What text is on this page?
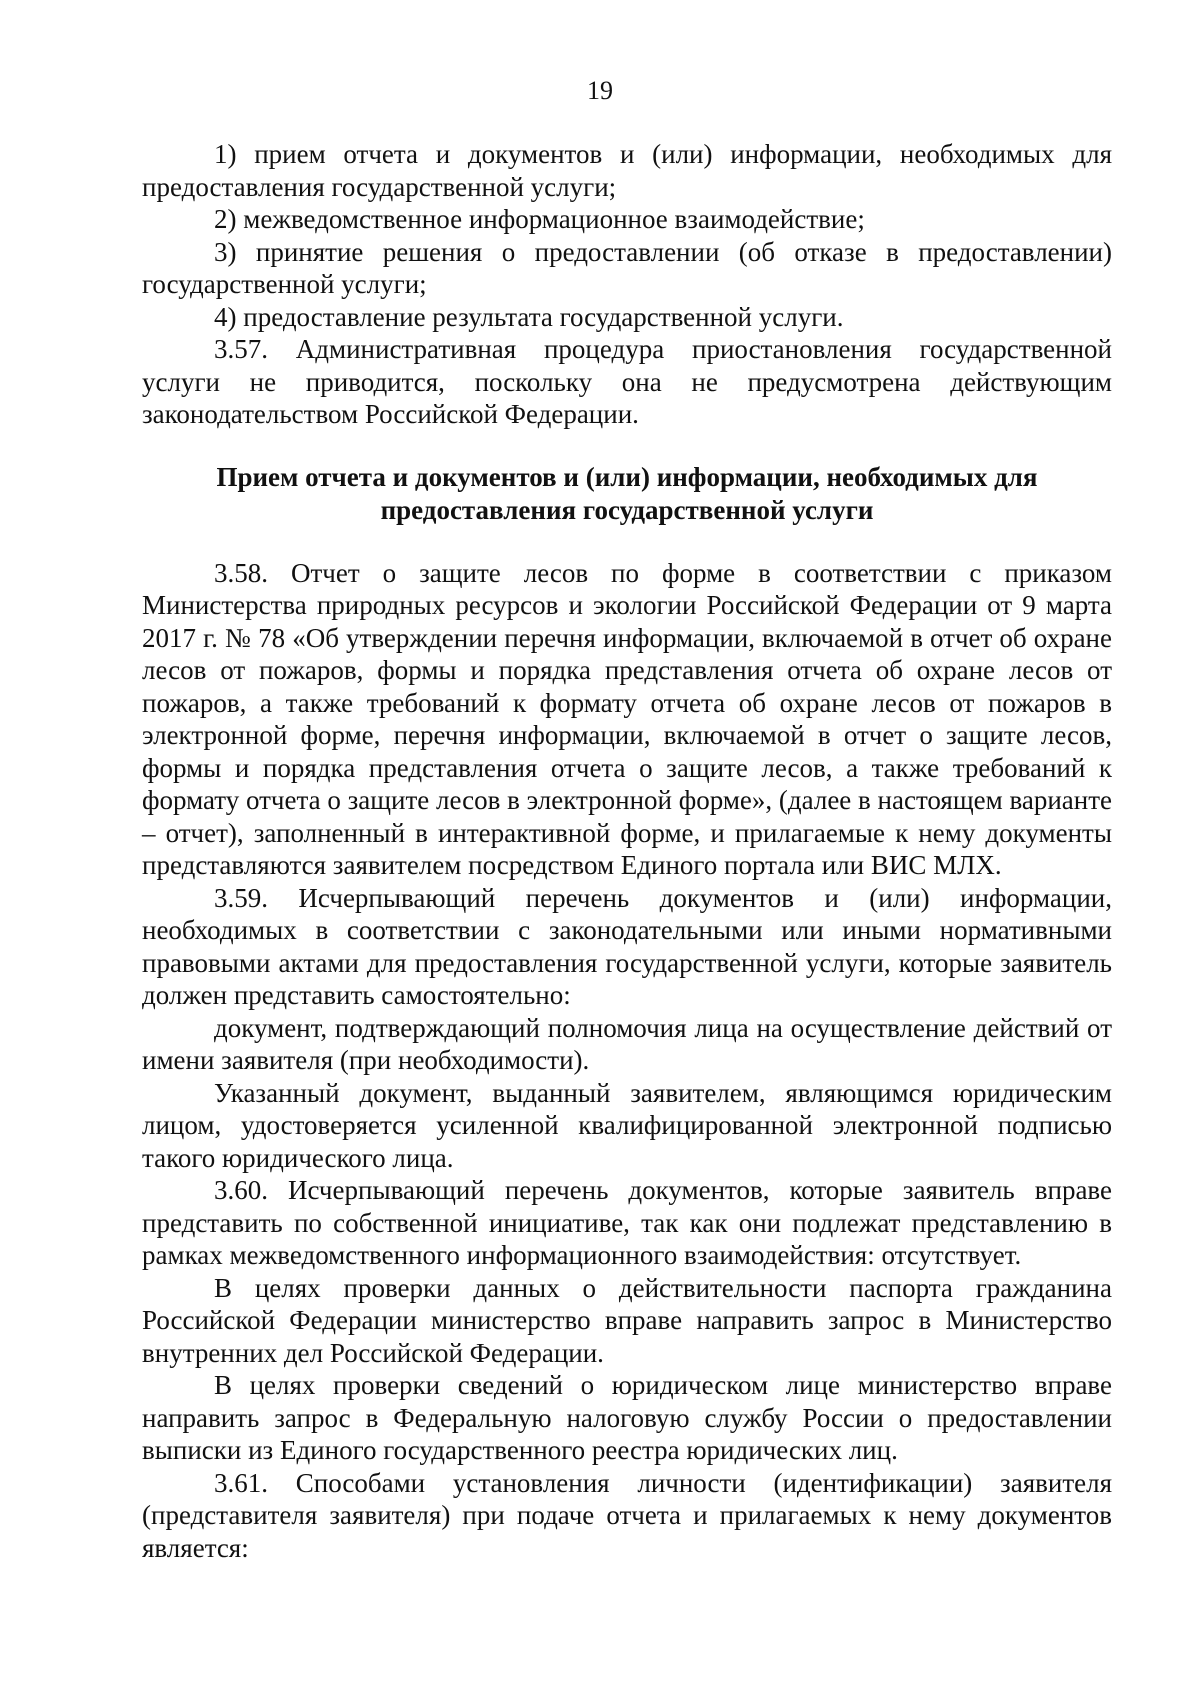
19

1) прием отчета и документов и (или) информации, необходимых для предоставления государственной услуги;

2) межведомственное информационное взаимодействие;

3) принятие решения о предоставлении (об отказе в предоставлении) государственной услуги;

4) предоставление результата государственной услуги.

3.57. Административная процедура приостановления государственной услуги не приводится, поскольку она не предусмотрена действующим законодательством Российской Федерации.

Прием отчета и документов и (или) информации, необходимых для
предоставления государственной услуги

3.58. Отчет о защите лесов по форме в соответствии с приказом Министерства природных ресурсов и экологии Российской Федерации от 9 марта 2017 г. № 78 «Об утверждении перечня информации, включаемой в отчет об охране лесов от пожаров, формы и порядка представления отчета об охране лесов от пожаров, а также требований к формату отчета об охране лесов от пожаров в электронной форме, перечня информации, включаемой в отчет о защите лесов, формы и порядка представления отчета о защите лесов, а также требований к формату отчета о защите лесов в электронной форме», (далее в настоящем варианте – отчет), заполненный в интерактивной форме, и прилагаемые к нему документы представляются заявителем посредством Единого портала или ВИС МЛХ.

3.59. Исчерпывающий перечень документов и (или) информации, необходимых в соответствии с законодательными или иными нормативными правовыми актами для предоставления государственной услуги, которые заявитель должен представить самостоятельно:

документ, подтверждающий полномочия лица на осуществление действий от имени заявителя (при необходимости).

Указанный документ, выданный заявителем, являющимся юридическим лицом, удостоверяется усиленной квалифицированной электронной подписью такого юридического лица.

3.60. Исчерпывающий перечень документов, которые заявитель вправе представить по собственной инициативе, так как они подлежат представлению в рамках межведомственного информационного взаимодействия: отсутствует.

В целях проверки данных о действительности паспорта гражданина Российской Федерации министерство вправе направить запрос в Министерство внутренних дел Российской Федерации.

В целях проверки сведений о юридическом лице министерство вправе направить запрос в Федеральную налоговую службу России о предоставлении выписки из Единого государственного реестра юридических лиц.

3.61. Способами установления личности (идентификации) заявителя (представителя заявителя) при подаче отчета и прилагаемых к нему документов является:
